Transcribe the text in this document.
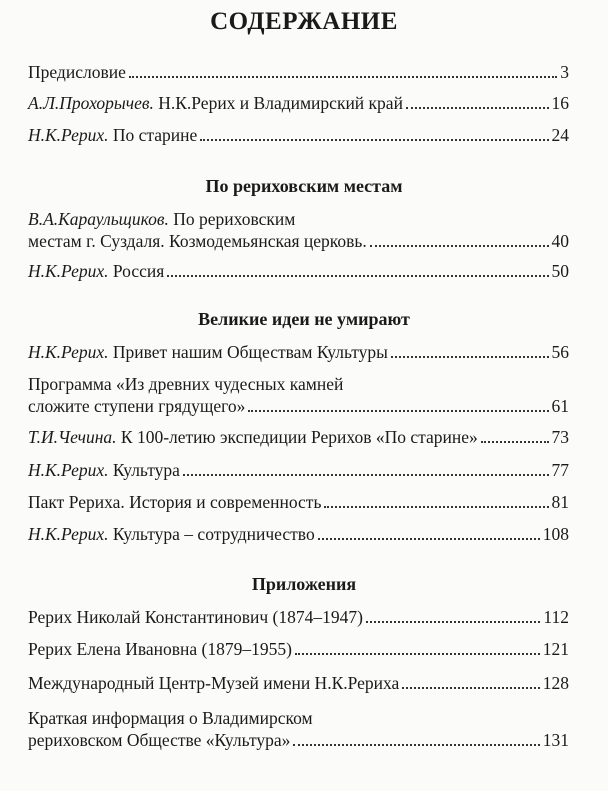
СОДЕРЖАНИЕ
Предисловие	3
А.Л.Прохорычев. Н.К.Рерих и Владимирский край	16
Н.К.Рерих. По старине	24
По рериховским местам
В.А.Караульщиков. По рериховским
местам г. Суздаля. Козмодемьянская церковь.	40
Н.К.Рерих. Россия	50
Великие идеи не умирают
Н.К.Рерих. Привет нашим Обществам Культуры	56
Программа «Из древних чудесных камней
сложите ступени грядущего»	61
Т.И.Чечина. К 100-летию экспедиции Рерихов «По старине»	73
Н.К.Рерих. Культура	77
Пакт Рериха. История и современность	81
Н.К.Рерих. Культура – сотрудничество	108
Приложения
Рерих Николай Константинович (1874–1947)	112
Рерих Елена Ивановна (1879–1955)	121
Международный Центр-Музей имени Н.К.Рериха	128
Краткая информация о Владимирском
рериховском Обществе «Культура»	131
